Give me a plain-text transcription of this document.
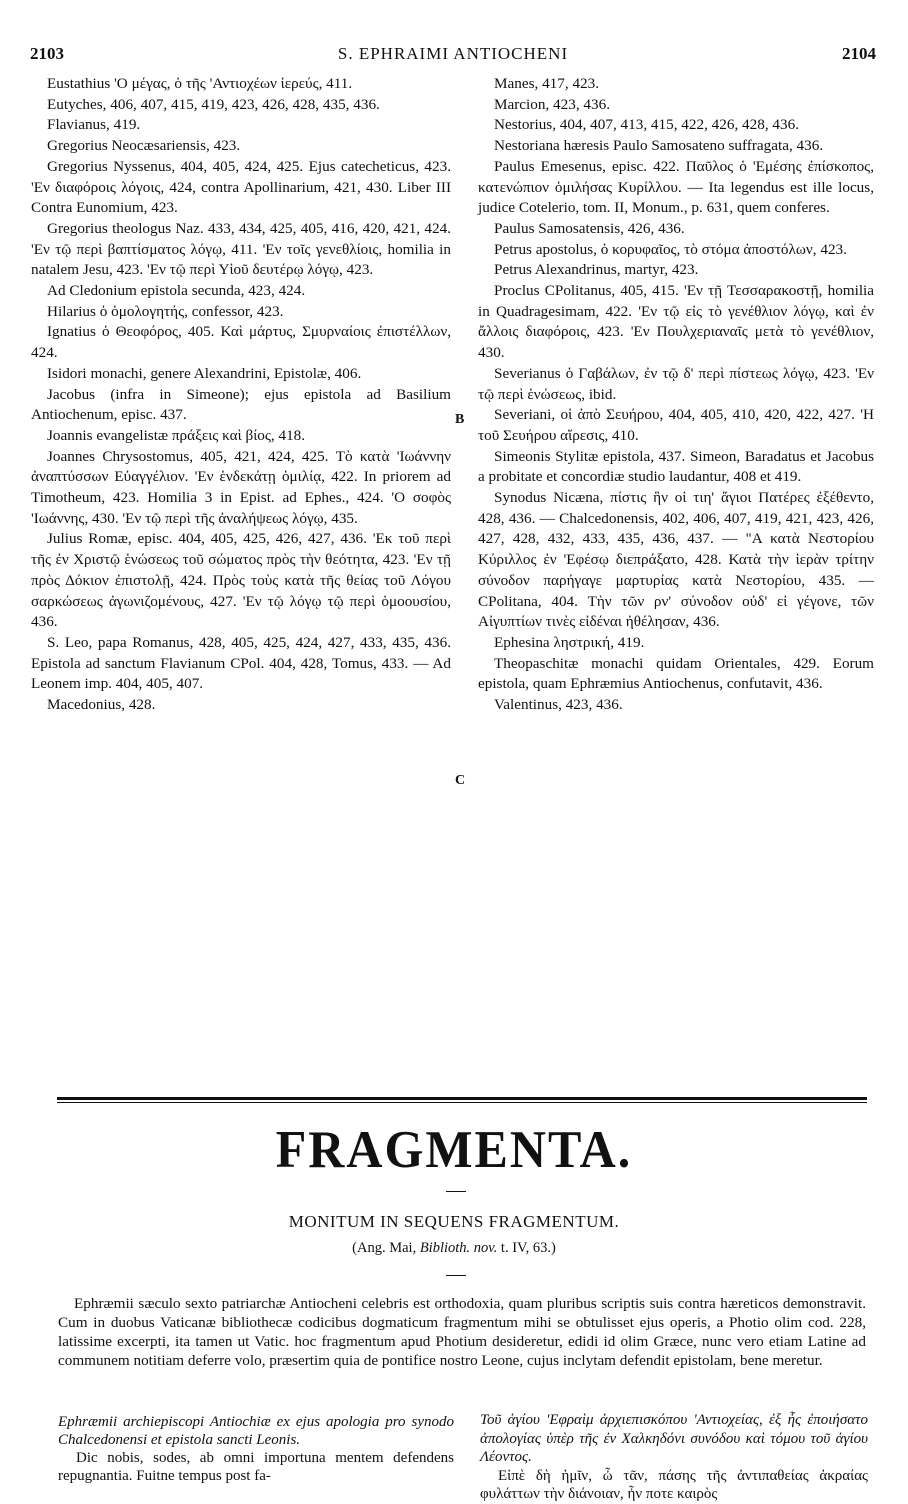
2103	S. EPHRAIMI ANTIOCHENI	2104

Eustathius 'Ο μέγας, ὁ τῆς 'Αντιοχέων ἱερεύς, 411.

Eutyches, 406, 407, 415, 419, 423, 426, 428, 435, 436.

Flavianus, 419.

Gregorius Neocæsariensis, 423.

Gregorius Nyssenus, 404, 405, 424, 425. Ejus catecheticus, 423. 'Εν διαφόροις λόγοις, 424, contra Apollinarium, 421, 430. Liber III Contra Eunomium, 423.

Gregorius theologus Naz. 433, 434, 425, 405, 416, 420, 421, 424. 'Εν τῷ περὶ βαπτίσματος λόγῳ, 411. 'Εν τοῖς γενεθλίοις, homilia in natalem Jesu, 423. 'Εν τῷ περὶ Υἱοῦ δευτέρῳ λόγῳ, 423.

Ad Cledonium epistola secunda, 423, 424.

Hilarius ὁ ὁμολογητής, confessor, 423.

Ignatius ὁ Θεοφόρος, 405. Καὶ μάρτυς, Σμυρναίοις ἐπιστέλλων, 424.

Isidori monachi, genere Alexandrini, Epistolæ, 406.

Jacobus (infra in Simeone); ejus epistola ad Basilium Antiochenum, episc. 437.

Joannis evangelistæ πράξεις καὶ βίος, 418.

Joannes Chrysostomus, 405, 421, 424, 425. Τὸ κατὰ 'Ιωάννην ἀναπτύσσων Εὐαγγέλιον. 'Εν ἑνδεκάτῃ ὁμιλίᾳ, 422. In priorem ad Timotheum, 423. Homilia 3 in Epist. ad Ephes., 424. 'Ο σοφὸς 'Ιωάννης, 430. 'Εν τῷ περὶ τῆς ἀναλήψεως λόγῳ, 435.

Julius Romæ, episc. 404, 405, 425, 426, 427, 436. 'Εκ τοῦ περὶ τῆς ἐν Χριστῷ ἑνώσεως τοῦ σώματος πρὸς τὴν θεότητα, 423. 'Εν τῇ πρὸς Δόκιον ἐπιστολῇ, 424. Πρὸς τοὺς κατὰ τῆς θείας τοῦ Λόγου σαρκώσεως ἀγωνιζομένους, 427. 'Εν τῷ λόγῳ τῷ περὶ ὁμοουσίου, 436.

S. Leo, papa Romanus, 428, 405, 425, 424, 427, 433, 435, 436. Epistola ad sanctum Flavianum CPol. 404, 428, Tomus, 433. — Ad Leonem imp. 404, 405, 407.

Macedonius, 428.

Manes, 417, 423.

Marcion, 423, 436.

Nestorius, 404, 407, 413, 415, 422, 426, 428, 436.

Nestoriana hæresis Paulo Samosateno suffragata, 436.

Paulus Emesenus, episc. 422. Παῦλος ὁ 'Εμέσης ἐπίσκοπος, κατενώπιον ὁμιλήσας Κυρίλλου. — Ita legendus est ille locus, judice Cotelerio, tom. II, Monum., p. 631, quem conferes.

Paulus Samosatensis, 426, 436.

Petrus apostolus, ὁ κορυφαῖος, τὸ στόμα ἀποστόλων, 423.

Petrus Alexandrinus, martyr, 423.

Proclus CPolitanus, 405, 415. 'Εν τῇ Τεσσαρακοστῇ, homilia in Quadragesimam, 422. 'Εν τῷ εἰς τὸ γενέθλιον λόγῳ, καὶ ἐν ἄλλοις διαφόροις, 423. 'Εν Πουλχεριαναῖς μετὰ τὸ γενέθλιον, 430.

Severianus ὁ Γαβάλων, ἐν τῷ δ' περὶ πίστεως λόγῳ, 423. 'Εν τῷ περὶ ἑνώσεως, ibid.

Severiani, οἱ ἀπὸ Σευήρου, 404, 405, 410, 420, 422, 427. 'Η τοῦ Σευήρου αἵρεσις, 410.

Simeonis Stylitæ epistola, 437. Simeon, Baradatus et Jacobus a probitate et concordiæ studio laudantur, 408 et 419.

Synodus Nicæna, πίστις ἣν οἱ τιη' ἅγιοι Πατέρες ἐξέθεντο, 428, 436. — Chalcedonensis, 402, 406, 407, 419, 421, 423, 426, 427, 428, 432, 433, 435, 436, 437. — "Α κατὰ Νεστορίου Κύριλλος ἐν 'Εφέσῳ διεπράξατο, 428. Κατὰ τὴν ἱερὰν τρίτην σύνοδον παρήγαγε μαρτυρίας κατὰ Νεστορίου, 435. — CPolitana, 404. Τὴν τῶν ρν' σύνοδον οὐδ' εἰ γέγονε, τῶν Αἰγυπτίων τινὲς εἰδέναι ἠθέλησαν, 436.

Ephesina ληστρική, 419.

Theopaschitæ monachi quidam Orientales, 429. Eorum epistola, quam Ephræmius Antiochenus, confutavit, 436.

Valentinus, 423, 436.

B
C
FRAGMENTA.
MONITUM IN SEQUENS FRAGMENTUM.
(Ang. Mai, Biblioth. nov. t. IV, 63.)

Ephræmii sæculo sexto patriarchæ Antiocheni celebris est orthodoxia, quam pluribus scriptis suis contra hæreticos demonstravit. Cum in duobus Vaticanæ bibliothecæ codicibus dogmaticum fragmentum mihi se obtulisset ejus operis, a Photio olim cod. 228, latissime excerpti, ita tamen ut Vatic. hoc fragmentum apud Photium desideretur, edidi id olim Græce, nunc vero etiam Latine ad communem notitiam deferre volo, præsertim quia de pontifice nostro Leone, cujus inclytam defendit epistolam, bene meretur.

Ephræmii archiepiscopi Antiochiæ ex ejus apologia pro synodo Chalcedonensi et epistola sancti Leonis.

Dic nobis, sodes, ab omni importuna mentem defendens repugnantia. Fuitne tempus post fa-

Τοῦ ἁγίου 'Εφραὶμ ἀρχιεπισκόπου 'Αντιοχείας, ἐξ ἧς ἐποιήσατο ἀπολογίας ὑπὲρ τῆς ἐν Χαλκηδόνι συνόδου καὶ τόμου τοῦ ἁγίου Λέοντος.

Εἰπὲ δὴ ἡμῖν, ὦ τᾶν, πάσης τῆς ἀντιπαθείας ἀκραίας φυλάττων τὴν διάνοιαν, ἦν ποτε καιρὸς
